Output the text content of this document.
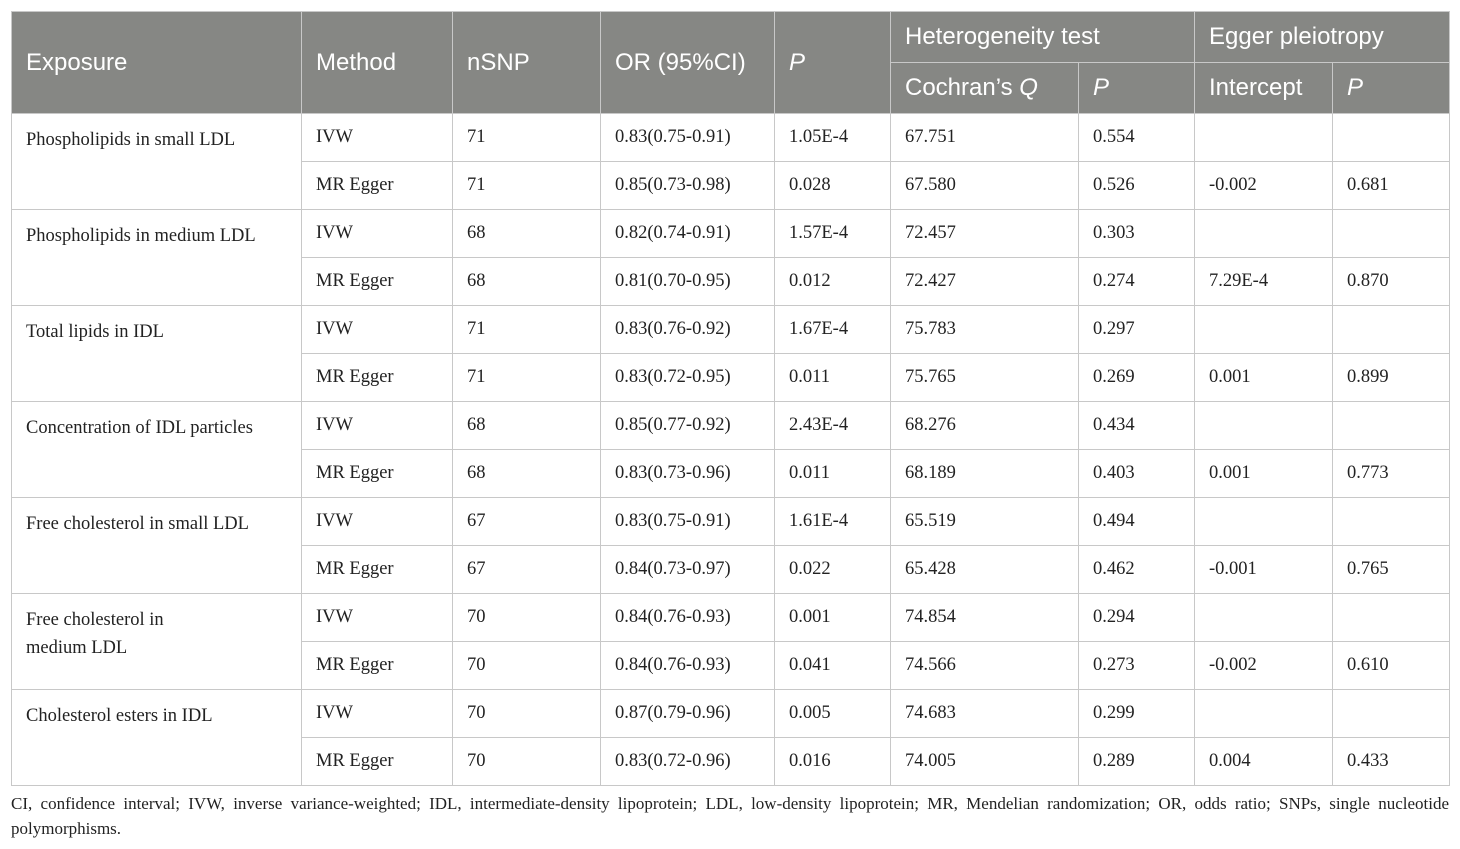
Exposure	Method	nSNP	OR (95%CI)	P	Heterogeneity test		Egger pleiotropy	
					Cochran’s Q	P	Intercept	P
Phospholipids in small LDL	IVW	71	0.83(0.75-0.91)	1.05E-4	67.751	0.554		
	MR Egger	71	0.85(0.73-0.98)	0.028	67.580	0.526	-0.002	0.681
Phospholipids in medium LDL	IVW	68	0.82(0.74-0.91)	1.57E-4	72.457	0.303		
	MR Egger	68	0.81(0.70-0.95)	0.012	72.427	0.274	7.29E-4	0.870
Total lipids in IDL	IVW	71	0.83(0.76-0.92)	1.67E-4	75.783	0.297		
	MR Egger	71	0.83(0.72-0.95)	0.011	75.765	0.269	0.001	0.899
Concentration of IDL particles	IVW	68	0.85(0.77-0.92)	2.43E-4	68.276	0.434		
	MR Egger	68	0.83(0.73-0.96)	0.011	68.189	0.403	0.001	0.773
Free cholesterol in small LDL	IVW	67	0.83(0.75-0.91)	1.61E-4	65.519	0.494		
	MR Egger	67	0.84(0.73-0.97)	0.022	65.428	0.462	-0.001	0.765
Free cholesterol in medium LDL	IVW	70	0.84(0.76-0.93)	0.001	74.854	0.294		
	MR Egger	70	0.84(0.76-0.93)	0.041	74.566	0.273	-0.002	0.610
Cholesterol esters in IDL	IVW	70	0.87(0.79-0.96)	0.005	74.683	0.299		
	MR Egger	70	0.83(0.72-0.96)	0.016	74.005	0.289	0.004	0.433
CI, confidence interval; IVW, inverse variance-weighted; IDL, intermediate-density lipoprotein; LDL, low-density lipoprotein; MR, Mendelian randomization; OR, odds ratio; SNPs, single nucleotide polymorphisms.
